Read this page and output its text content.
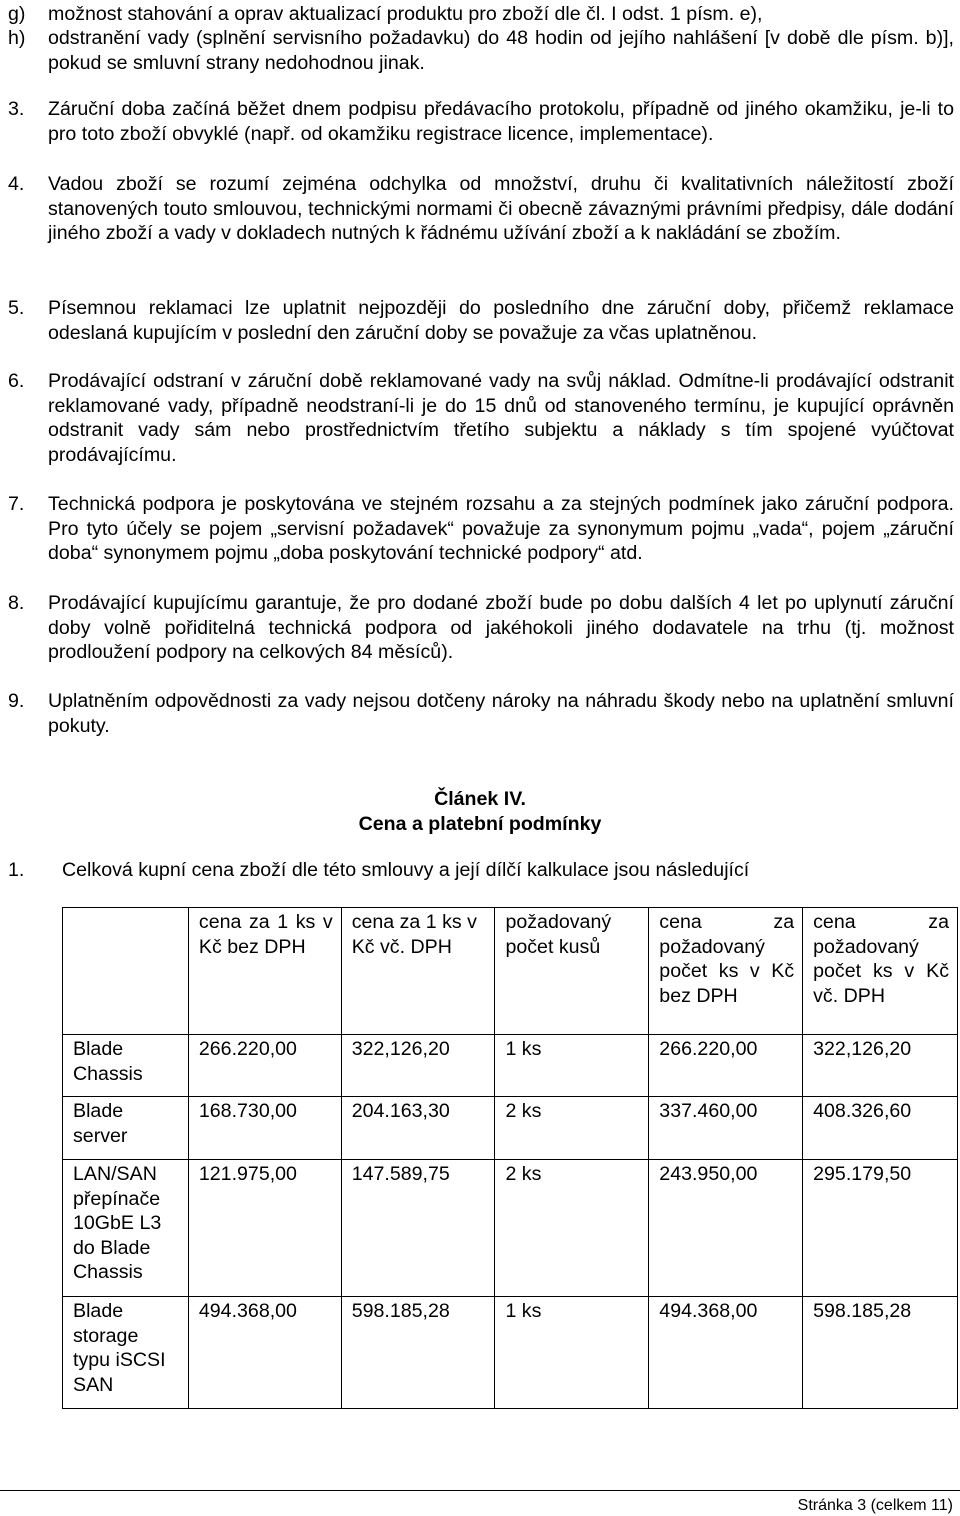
g) možnost stahování a oprav aktualizací produktu pro zboží dle čl. I odst. 1 písm. e),
h) odstranění vady (splnění servisního požadavku) do 48 hodin od jejího nahlášení [v době dle písm. b)], pokud se smluvní strany nedohodnou jinak.
3. Záruční doba začíná běžet dnem podpisu předávacího protokolu, případně od jiného okamžiku, je-li to pro toto zboží obvyklé (např. od okamžiku registrace licence, implementace).
4. Vadou zboží se rozumí zejména odchylka od množství, druhu či kvalitativních náležitostí zboží stanovených touto smlouvou, technickými normami či obecně závaznými právními předpisy, dále dodání jiného zboží a vady v dokladech nutných k řádnému užívání zboží a k nakládání se zbožím.
5. Písemnou reklamaci lze uplatnit nejpozději do posledního dne záruční doby, přičemž reklamace odeslaná kupujícím v poslední den záruční doby se považuje za včas uplatněnou.
6. Prodávající odstraní v záruční době reklamované vady na svůj náklad. Odmítne-li prodávající odstranit reklamované vady, případně neodstraní-li je do 15 dnů od stanoveného termínu, je kupující oprávněn odstranit vady sám nebo prostřednictvím třetího subjektu a náklady s tím spojené vyúčtovat prodávajícímu.
7. Technická podpora je poskytována ve stejném rozsahu a za stejných podmínek jako záruční podpora. Pro tyto účely se pojem „servisní požadavek“ považuje za synonymum pojmu „vada“, pojem „záruční doba“ synonymem pojmu „doba poskytování technické podpory“ atd.
8. Prodávající kupujícímu garantuje, že pro dodané zboží bude po dobu dalších 4 let po uplynutí záruční doby volně pořiditelná technická podpora od jakéhokoli jiného dodavatele na trhu (tj. možnost prodloužení podpory na celkových 84 měsíců).
9. Uplatněním odpovědnosti za vady nejsou dotčeny nároky na náhradu škody nebo na uplatnění smluvní pokuty.
Článek IV.
Cena a platební podmínky
1. Celková kupní cena zboží dle této smlouvy a její dílčí kalkulace jsou následující
	cena za 1 ks v Kč bez DPH	cena za 1 ks v Kč vč. DPH	požadovaný počet kusů	cena za požadovaný počet ks v Kč bez DPH	cena za požadovaný počet ks v Kč vč. DPH
Blade Chassis	266.220,00	322,126,20	1 ks	266.220,00	322,126,20
Blade server	168.730,00	204.163,30	2 ks	337.460,00	408.326,60
LAN/SAN přepínače 10GbE L3 do Blade Chassis	121.975,00	147.589,75	2 ks	243.950,00	295.179,50
Blade storage typu iSCSI SAN	494.368,00	598.185,28	1 ks	494.368,00	598.185,28
Stránka 3 (celkem 11)
